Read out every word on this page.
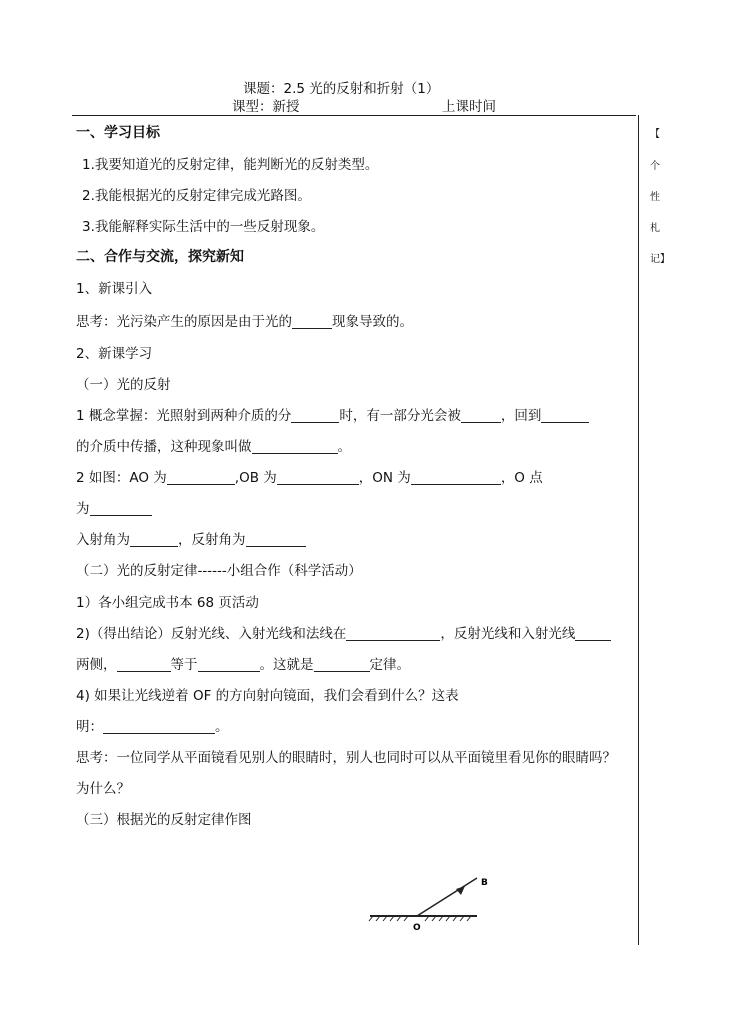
课题：2.5 光的反射和折射（1）
课型：新授	上课时间
【
个
性
札
记】
一、学习目标
1.我要知道光的反射定律，能判断光的反射类型。
2.我能根据光的反射定律完成光路图。
3.我能解释实际生活中的一些反射现象。
二、合作与交流，探究新知
1、新课引入
思考：光污染产生的原因是由于光的	现象导致的。
2、新课学习
（一）光的反射
1 概念掌握：光照射到两种介质的分	时，有一部分光会被	，回到
的介质中传播，这种现象叫做	。
2 如图：AO 为	,OB 为	，ON 为	，O 点
为
入射角为	，反射角为
（二）光的反射定律------小组合作（科学活动）
1）各小组完成书本 68 页活动
2)（得出结论）反射光线、入射光线和法线在	，反射光线和入射光线
两侧，	等于	。这就是	定律。
4) 如果让光线逆着 OF 的方向射向镜面，我们会看到什么？这表
明：	。
思考：一位同学从平面镜看见别人的眼睛时，别人也同时可以从平面镜里看见你的眼睛吗？
为什么？
（三）根据光的反射定律作图
B
O
